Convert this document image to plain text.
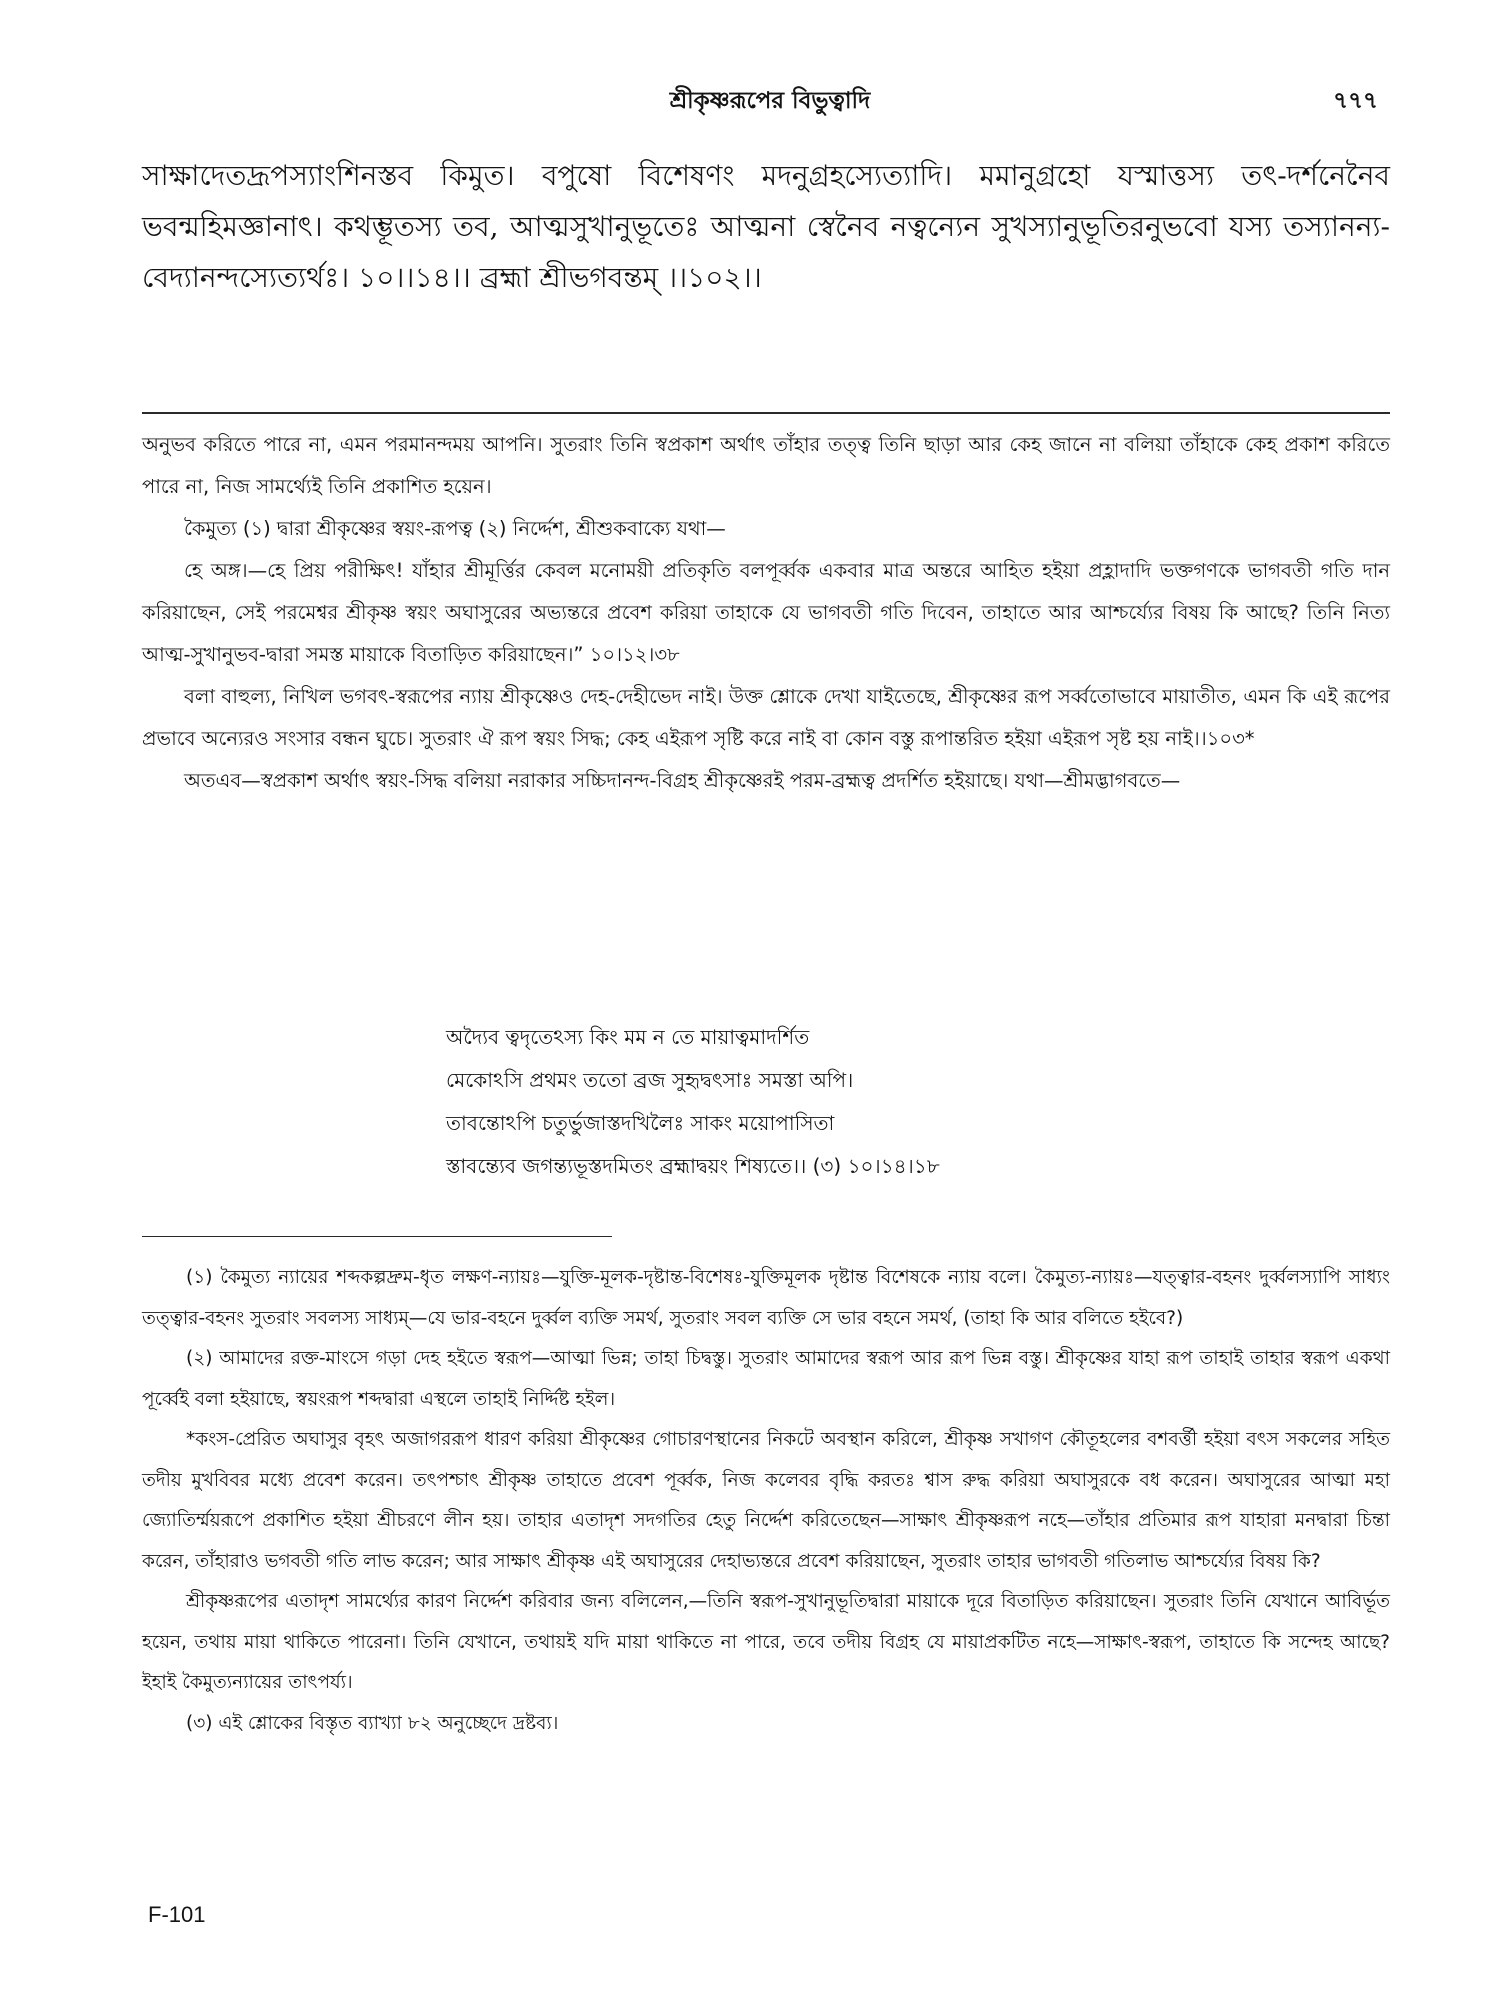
শ্রীকৃষ্ণরূপের বিভুত্বাদি	৭৭৭

সাক্ষাদেতদ্রূপস্যাংশিনস্তব কিমুত। বপুষো বিশেষণং মদনুগ্রহস্যেত্যাদি। মমানুগ্রহো যস্মাত্তস্য তৎ-দর্শনেনৈব ভবন্মহিমজ্ঞানাৎ। কথম্ভূতস্য তব, আত্মসুখানুভূতেঃ আত্মনা স্বেনৈব নত্বন্যেন সুখস্যানুভূতিরনুভবো যস্য তস্যানন্য-বেদ্যানন্দস্যেত্যর্থঃ। ১০।।১৪।। ব্রহ্মা শ্রীভগবন্তম্ ।।১০২।।

অনুভব করিতে পারে না, এমন পরমানন্দময় আপনি। সুতরাং তিনি স্বপ্রকাশ অর্থাৎ তাঁহার তত্ত্ব তিনি ছাড়া আর কেহ জানে না বলিয়া তাঁহাকে কেহ প্রকাশ করিতে পারে না, নিজ সামর্থ্যেই তিনি প্রকাশিত হয়েন।

কৈমুত্য (১) দ্বারা শ্রীকৃষ্ণের স্বয়ং-রূপত্ব (২) নির্দ্দেশ, শ্রীশুকবাক্যে যথা—

হে অঙ্গ।—হে প্রিয় পরীক্ষিৎ! যাঁহার শ্রীমূর্ত্তির কেবল মনোময়ী প্রতিকৃতি বলপূর্ব্বক একবার মাত্র অন্তরে আহিত হইয়া প্রহ্লাদাদি ভক্তগণকে ভাগবতী গতি দান করিয়াছেন, সেই পরমেশ্বর শ্রীকৃষ্ণ স্বয়ং অঘাসুরের অভ্যন্তরে প্রবেশ করিয়া তাহাকে যে ভাগবতী গতি দিবেন, তাহাতে আর আশ্চর্য্যের বিষয় কি আছে? তিনি নিত্য আত্ম-সুখানুভব-দ্বারা সমস্ত মায়াকে বিতাড়িত করিয়াছেন।” ১০।১২।৩৮

বলা বাহুল্য, নিখিল ভগবৎ-স্বরূপের ন্যায় শ্রীকৃষ্ণেও দেহ-দেহীভেদ নাই। উক্ত শ্লোকে দেখা যাইতেছে, শ্রীকৃষ্ণের রূপ সর্ব্বতোভাবে মায়াতীত, এমন কি এই রূপের প্রভাবে অন্যেরও সংসার বন্ধন ঘুচে। সুতরাং ঐ রূপ স্বয়ং সিদ্ধ; কেহ এইরূপ সৃষ্টি করে নাই বা কোন বস্তু রূপান্তরিত হইয়া এইরূপ সৃষ্ট হয় নাই।।১০৩*

অতএব—স্বপ্রকাশ অর্থাৎ স্বয়ং-সিদ্ধ বলিয়া নরাকার সচ্চিদানন্দ-বিগ্রহ শ্রীকৃষ্ণেরই পরম-ব্রহ্মত্ব প্রদর্শিত হইয়াছে। যথা—শ্রীমদ্ভাগবতে—

অদ্যৈব ত্বদৃতেঽস্য কিং মম ন তে মায়াত্বমাদর্শিত
মেকোঽসি প্রথমং ততো ব্রজ সুহৃদ্বৎসাঃ সমস্তা অপি।
তাবন্তোঽপি চতুর্ভুজাস্তদখিলৈঃ সাকং ময়োপাসিতা
স্তাবন্ত্যেব জগন্ত্যভূস্তদমিতং ব্রহ্মাদ্বয়ং শিষ্যতে।। (৩) ১০।১৪।১৮

(১) কৈমুত্য ন্যায়ের শব্দকল্পদ্রুম-ধৃত লক্ষণ-ন্যায়ঃ—যুক্তি-মূলক-দৃষ্টান্ত-বিশেষঃ-যুক্তিমূলক দৃষ্টান্ত বিশেষকে ন্যায় বলে। কৈমুত্য-ন্যায়ঃ—যত্ত্বার-বহনং দুর্ব্বলস্যাপি সাধ্যং তত্ত্বার-বহনং সুতরাং সবলস্য সাধ্যম্—যে ভার-বহনে দুর্ব্বল ব্যক্তি সমর্থ, সুতরাং সবল ব্যক্তি সে ভার বহনে সমর্থ, (তাহা কি আর বলিতে হইবে?)

(২) আমাদের রক্ত-মাংসে গড়া দেহ হইতে স্বরূপ—আত্মা ভিন্ন; তাহা চিদ্বস্তু। সুতরাং আমাদের স্বরূপ আর রূপ ভিন্ন বস্তু। শ্রীকৃষ্ণের যাহা রূপ তাহাই তাহার স্বরূপ একথা পূর্ব্বেই বলা হইয়াছে, স্বয়ংরূপ শব্দদ্বারা এস্থলে তাহাই নির্দ্দিষ্ট হইল।

*কংস-প্রেরিত অঘাসুর বৃহৎ অজাগররূপ ধারণ করিয়া শ্রীকৃষ্ণের গোচারণস্থানের নিকটে অবস্থান করিলে, শ্রীকৃষ্ণ সখাগণ কৌতূহলের বশবর্ত্তী হইয়া বৎস সকলের সহিত তদীয় মুখবিবর মধ্যে প্রবেশ করেন। তৎপশ্চাৎ শ্রীকৃষ্ণ তাহাতে প্রবেশ পূর্ব্বক, নিজ কলেবর বৃদ্ধি করতঃ শ্বাস রুদ্ধ করিয়া অঘাসুরকে বধ করেন। অঘাসুরের আত্মা মহা জ্যোতির্ম্ময়রূপে প্রকাশিত হইয়া শ্রীচরণে লীন হয়। তাহার এতাদৃশ সদগতির হেতু নির্দ্দেশ করিতেছেন—সাক্ষাৎ শ্রীকৃষ্ণরূপ নহে—তাঁহার প্রতিমার রূপ যাহারা মনদ্বারা চিন্তা করেন, তাঁহারাও ভগবতী গতি লাভ করেন; আর সাক্ষাৎ শ্রীকৃষ্ণ এই অঘাসুরের দেহাভ্যন্তরে প্রবেশ করিয়াছেন, সুতরাং তাহার ভাগবতী গতিলাভ আশ্চর্য্যের বিষয় কি?

শ্রীকৃষ্ণরূপের এতাদৃশ সামর্থ্যের কারণ নির্দ্দেশ করিবার জন্য বলিলেন,—তিনি স্বরূপ-সুখানুভূতিদ্বারা মায়াকে দূরে বিতাড়িত করিয়াছেন। সুতরাং তিনি যেখানে আবির্ভূত হয়েন, তথায় মায়া থাকিতে পারেনা। তিনি যেখানে, তথায়ই যদি মায়া থাকিতে না পারে, তবে তদীয় বিগ্রহ যে মায়াপ্রকটিত নহে—সাক্ষাৎ-স্বরূপ, তাহাতে কি সন্দেহ আছে? ইহাই কৈমুত্যন্যায়ের তাৎপর্য্য।

(৩) এই শ্লোকের বিস্তৃত ব্যাখ্যা ৮২ অনুচ্ছেদে দ্রষ্টব্য।

F-101
